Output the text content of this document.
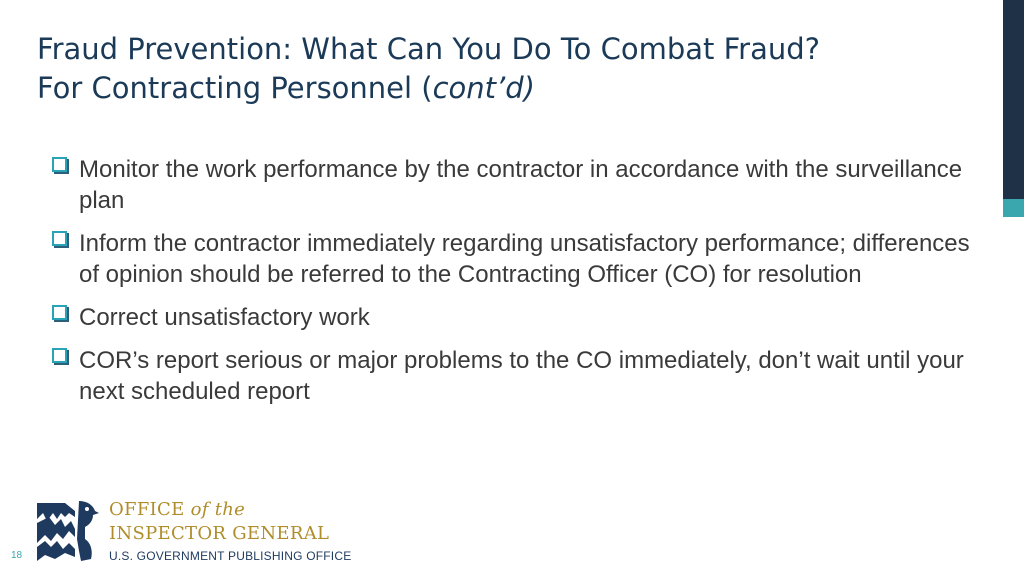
Fraud Prevention: What Can You Do To Combat Fraud?
For Contracting Personnel (cont’d)
Monitor the work performance by the contractor in accordance with the surveillance plan
Inform the contractor immediately regarding unsatisfactory performance; differences of opinion should be referred to the Contracting Officer (CO) for resolution
Correct unsatisfactory work
COR’s report serious or major problems to the CO immediately, don’t wait until your next scheduled report
18
OFFICE of the
INSPECTOR GENERAL
U.S. GOVERNMENT PUBLISHING OFFICE
